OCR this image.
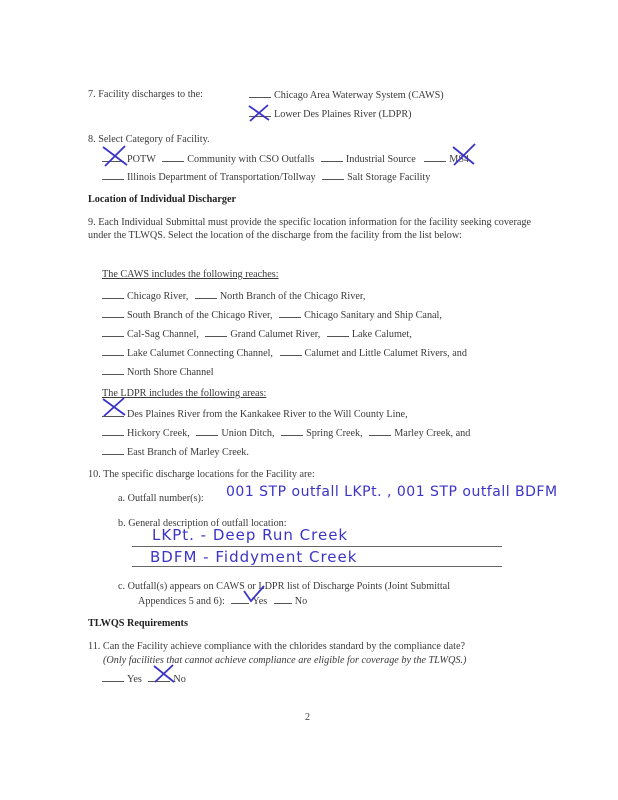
7. Facility discharges to the:	Chicago Area Waterway System (CAWS)
Lower Des Plaines River (LDPR)
8. Select Category of Facility.
POTW	Community with CSO Outfalls	Industrial Source	MS4
Illinois Department of Transportation/Tollway	Salt Storage Facility
Location of Individual Discharger
9. Each Individual Submittal must provide the specific location information for the facility seeking coverage under the TLWQS. Select the location of the discharge from the facility from the list below:
The CAWS includes the following reaches:
Chicago River,	North Branch of the Chicago River,
South Branch of the Chicago River,	Chicago Sanitary and Ship Canal,
Cal-Sag Channel,	Grand Calumet River,	Lake Calumet,
Lake Calumet Connecting Channel,	Calumet and Little Calumet Rivers, and
North Shore Channel
The LDPR includes the following areas:
Des Plaines River from the Kankakee River to the Will County Line,
Hickory Creek,	Union Ditch,	Spring Creek,	Marley Creek, and
East Branch of Marley Creek.
10. The specific discharge locations for the Facility are:
a. Outfall number(s): 001 STP outfall LKPt. , 001 STP outfall BDFM
b. General description of outfall location:
LKPt. - Deep Run Creek
BDFM - Fiddyment Creek
c. Outfall(s) appears on CAWS or LDPR list of Discharge Points (Joint Submittal
Appendices 5 and 6):	Yes	No
TLWQS Requirements
11. Can the Facility achieve compliance with the chlorides standard by the compliance date?
(Only facilities that cannot achieve compliance are eligible for coverage by the TLWQS.)
Yes	No
2
